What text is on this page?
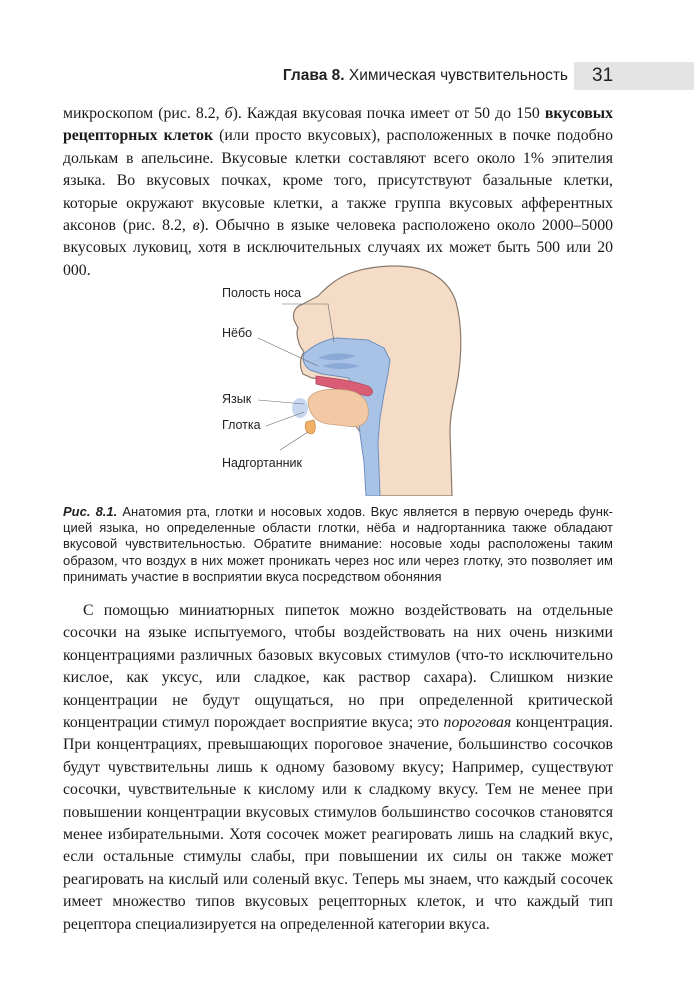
Глава 8. Химическая чувствительность 31

микроскопом (рис. 8.2, б). Каждая вкусовая почка имеет от 50 до 150 вкусовых рецепторных клеток (или просто вкусовых), расположенных в почке подобно долькам в апельсине. Вкусовые клетки составляют всего около 1% эпителия языка. Во вкусовых почках, кроме того, присутствуют базальные клетки, которые окружают вкусовые клетки, а также группа вкусовых афферентных аксонов (рис. 8.2, в). Обычно в языке человека расположено около 2000–5000 вкусовых луковиц, хотя в исключительных случаях их может быть 500 или 20 000.

Полость носа
Нёбо
Язык
Глотка
Надгортанник

Рис. 8.1. Анатомия рта, глотки и носовых ходов. Вкус является в первую очередь функцией языка, но определенные области глотки, нёба и надгортанника также обладают вкусовой чувствительностью. Обратите внимание: носовые ходы расположены таким образом, что воздух в них может проникать через нос или через глотку, это позволяет им принимать участие в восприятии вкуса посредством обоняния

С помощью миниатюрных пипеток можно воздействовать на отдельные сосочки на языке испытуемого, чтобы воздействовать на них очень низкими концентрациями различных базовых вкусовых стимулов (что-то исключительно кислое, как уксус, или сладкое, как раствор сахара). Слишком низкие концентрации не будут ощущаться, но при определенной критической концентрации стимул порождает восприятие вкуса; это пороговая концентрация. При концентрациях, превышающих пороговое значение, большинство сосочков будут чувствительны лишь к одному базовому вкусу; Например, существуют сосочки, чувствительные к кислому или к сладкому вкусу. Тем не менее при повышении концентрации вкусовых стимулов большинство сосочков становятся менее избирательными. Хотя сосочек может реагировать лишь на сладкий вкус, если остальные стимулы слабы, при повышении их силы он также может реагировать на кислый или соленый вкус. Теперь мы знаем, что каждый сосочек имеет множество типов вкусовых рецепторных клеток, и что каждый тип рецептора специализируется на определенной категории вкуса.
